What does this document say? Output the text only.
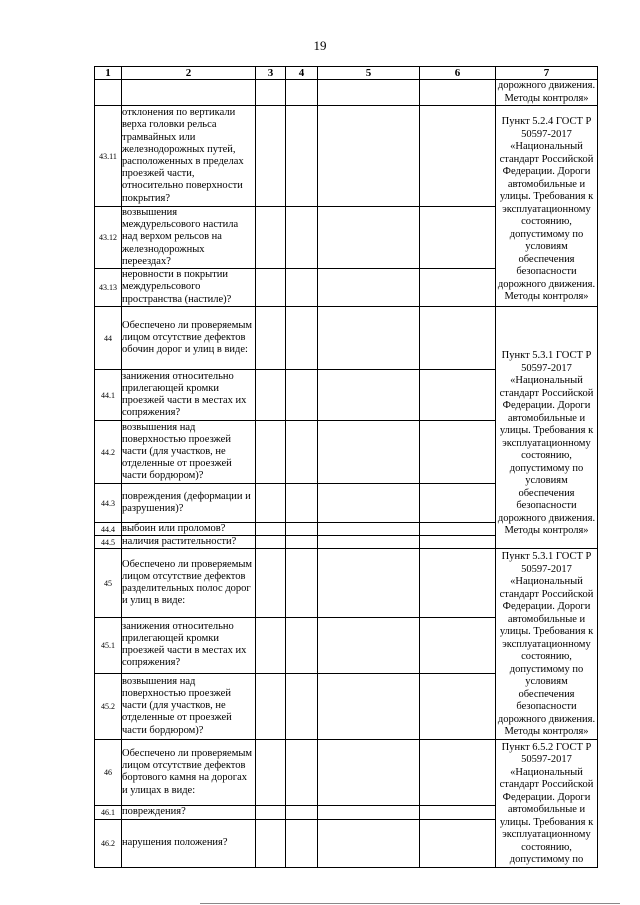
19
1	2	3	4	5	6	7
						дорожного движения. Методы контроля»
43.11	отклонения по вертикали верха головки рельса трамвайных или железнодорожных путей, расположенных в пределах проезжей части, относительно поверхности покрытия?					Пункт 5.2.4 ГОСТ Р 50597-2017 «Национальный стандарт Российской Федерации. Дороги автомобильные и улицы. Требования к эксплуатационному состоянию, допустимому по условиям обеспечения безопасности дорожного движения. Методы контроля»
43.12	возвышения междурельсового настила над верхом рельсов на железнодорожных переездах?					
43.13	неровности в покрытии междурельсового пространства (настиле)?					
44	Обеспечено ли проверяемым лицом отсутствие дефектов обочин дорог и улиц в виде:					Пункт 5.3.1 ГОСТ Р 50597-2017 «Национальный стандарт Российской Федерации. Дороги автомобильные и улицы. Требования к эксплуатационному состоянию, допустимому по условиям обеспечения безопасности дорожного движения. Методы контроля»
44.1	занижения относительно прилегающей кромки проезжей части в местах их сопряжения?					
44.2	возвышения над поверхностью проезжей части (для участков, не отделенные от проезжей части бордюром)?					
44.3	повреждения (деформации и разрушения)?					
44.4	выбоин или проломов?					
44.5	наличия растительности?					
45	Обеспечено ли проверяемым лицом отсутствие дефектов разделительных полос дорог и улиц в виде:					Пункт 5.3.1 ГОСТ Р 50597-2017 «Национальный стандарт Российской Федерации. Дороги автомобильные и улицы. Требования к эксплуатационному состоянию, допустимому по условиям обеспечения безопасности дорожного движения. Методы контроля»
45.1	занижения относительно прилегающей кромки проезжей части в местах их сопряжения?					
45.2	возвышения над поверхностью проезжей части (для участков, не отделенные от проезжей части бордюром)?					
46	Обеспечено ли проверяемым лицом отсутствие дефектов бортового камня на дорогах и улицах в виде:					Пункт 6.5.2 ГОСТ Р 50597-2017 «Национальный стандарт Российской Федерации. Дороги автомобильные и улицы. Требования к эксплуатационному состоянию, допустимому по
46.1	повреждения?					
46.2	нарушения положения?					
